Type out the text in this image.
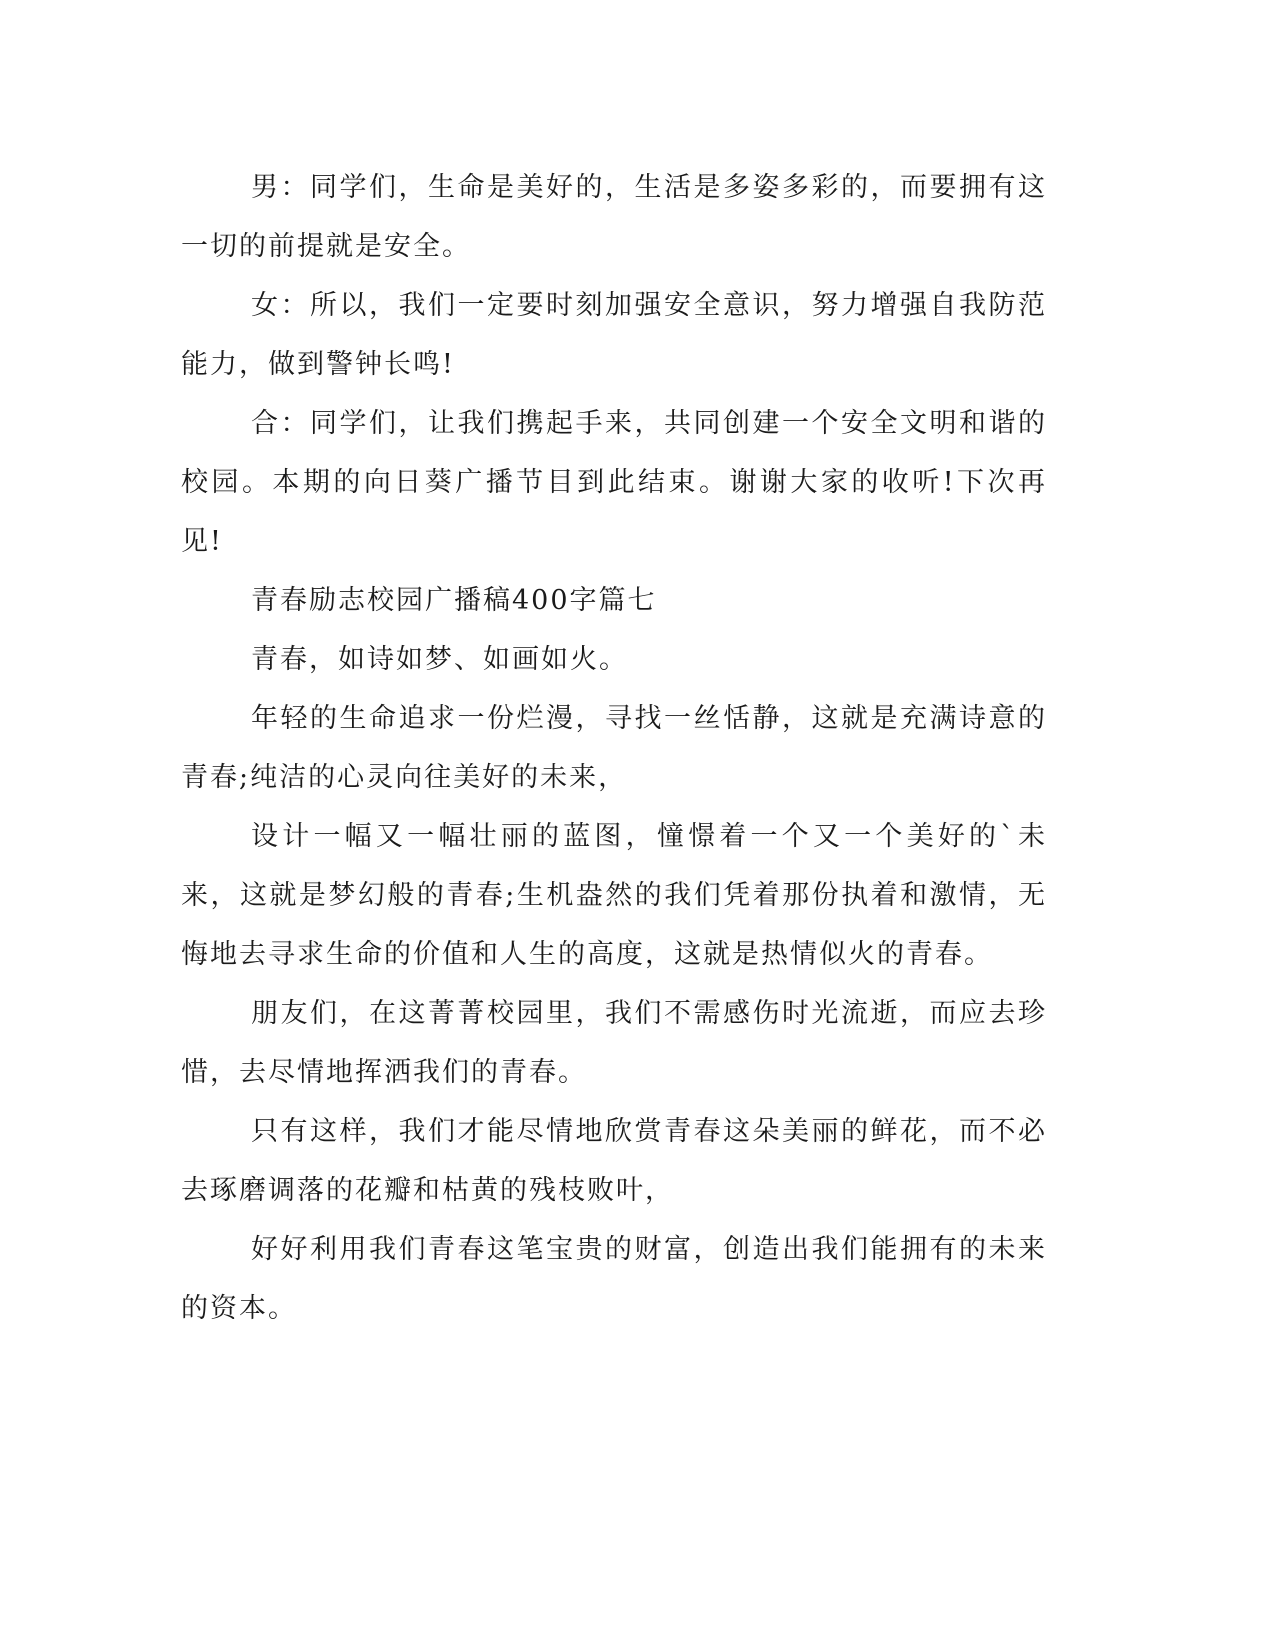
男：同学们，生命是美好的，生活是多姿多彩的，而要拥有这一切的前提就是安全。

女：所以，我们一定要时刻加强安全意识，努力增强自我防范能力，做到警钟长鸣!

合：同学们，让我们携起手来，共同创建一个安全文明和谐的校园。本期的向日葵广播节目到此结束。谢谢大家的收听!下次再见!

青春励志校园广播稿400字篇七

青春，如诗如梦、如画如火。

年轻的生命追求一份烂漫，寻找一丝恬静，这就是充满诗意的青春;纯洁的心灵向往美好的未来，

设计一幅又一幅壮丽的蓝图，憧憬着一个又一个美好的`未来，这就是梦幻般的青春;生机盎然的我们凭着那份执着和激情，无悔地去寻求生命的价值和人生的高度，这就是热情似火的青春。

朋友们，在这菁菁校园里，我们不需感伤时光流逝，而应去珍惜，去尽情地挥洒我们的青春。

只有这样，我们才能尽情地欣赏青春这朵美丽的鲜花，而不必去琢磨调落的花瓣和枯黄的残枝败叶，

好好利用我们青春这笔宝贵的财富，创造出我们能拥有的未来的资本。
